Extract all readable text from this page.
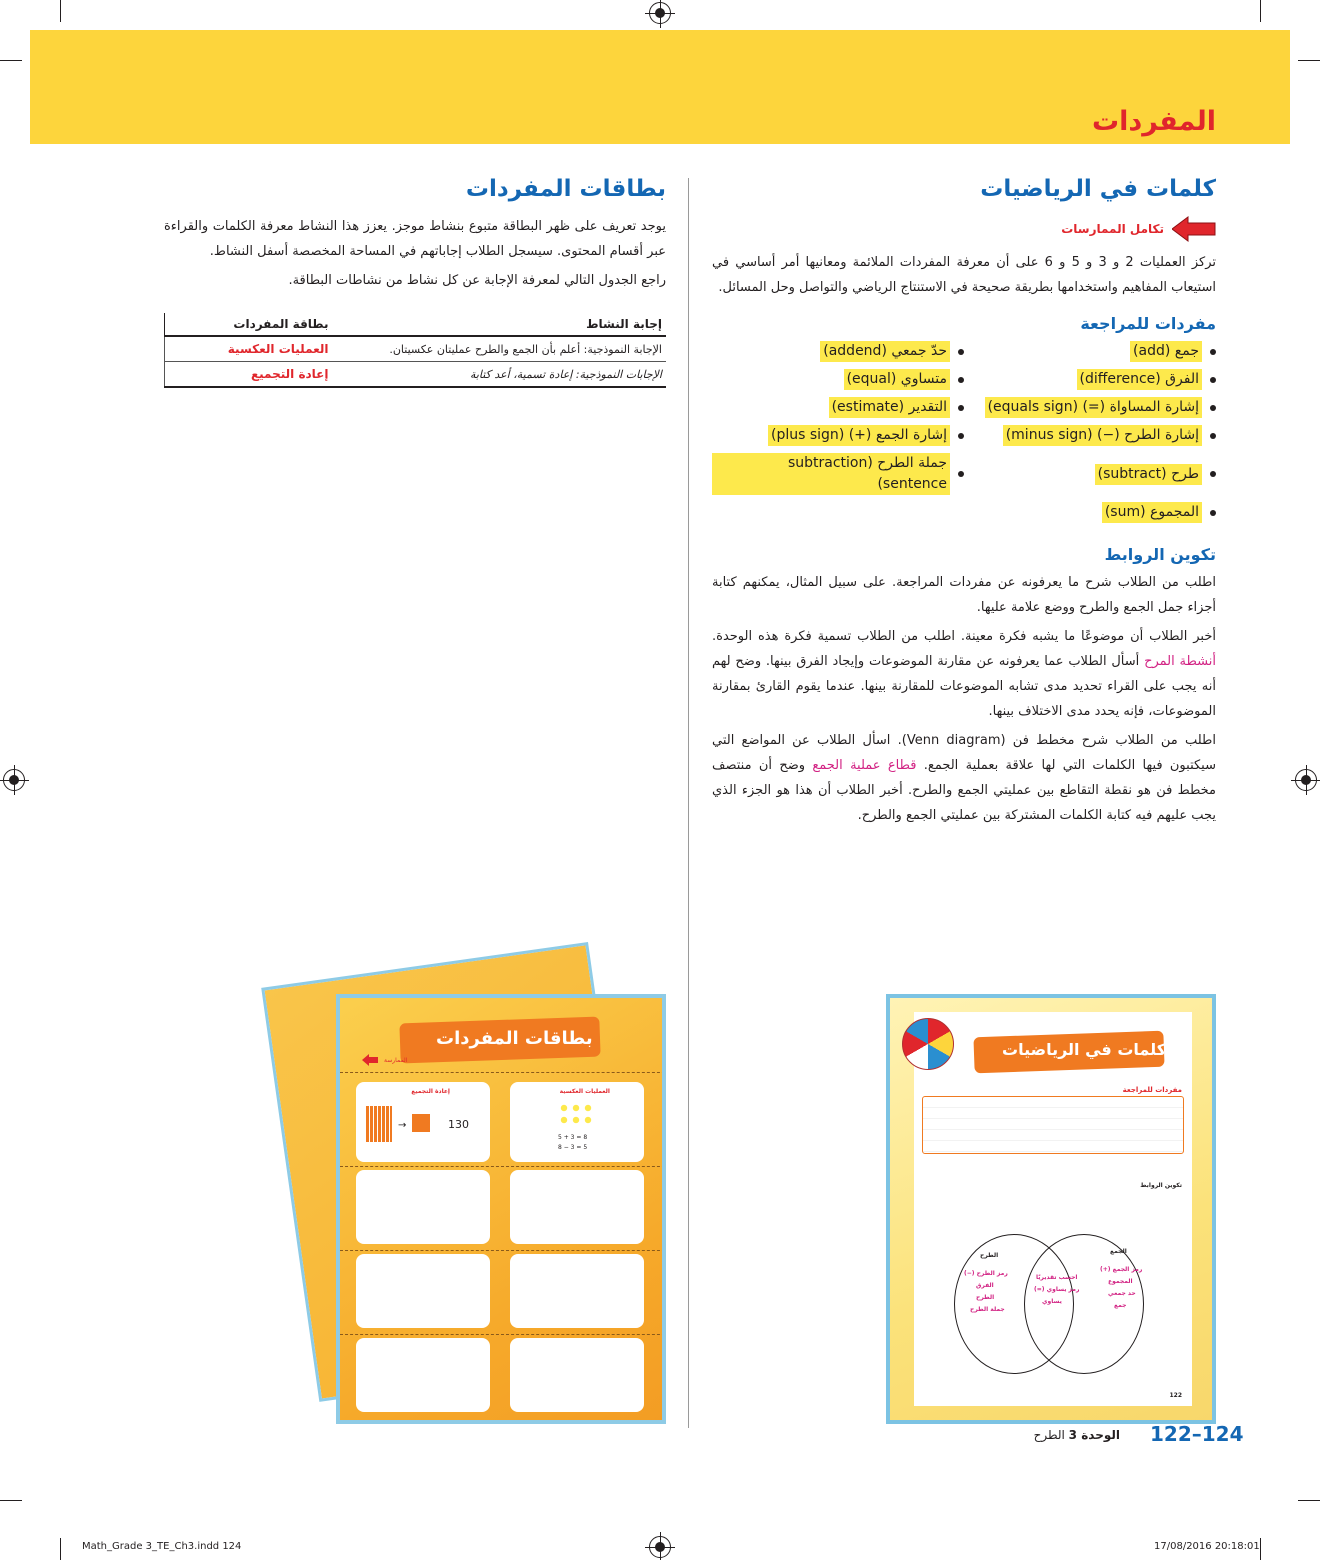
المفردات
كلمات في الرياضيات
تكامل الممارسات

تركز العمليات 2 و 3 و 5 و 6 على أن معرفة المفردات الملائمة ومعانيها أمر أساسي في استيعاب المفاهيم واستخدامها بطريقة صحيحة في الاستنتاج الرياضي والتواصل وحل المسائل.

مفردات للمراجعة
جمع (add)
حدّ جمعي (addend)
الفرق (difference)
متساوي (equal)
إشارة المساواة (=) (equals sign)
التقدير (estimate)
إشارة الطرح (−) (minus sign)
إشارة الجمع (+) (plus sign)
طرح (subtract)
جملة الطرح (subtraction sentence)
المجموع (sum)
تكوين الروابط

اطلب من الطلاب شرح ما يعرفونه عن مفردات المراجعة. على سبيل المثال، يمكنهم كتابة أجزاء جمل الجمع والطرح ووضع علامة عليها.

أخبر الطلاب أن موضوعًا ما يشبه فكرة معينة. اطلب من الطلاب تسمية فكرة هذه الوحدة. أنشطة المرح أسأل الطلاب عما يعرفونه عن مقارنة الموضوعات وإيجاد الفرق بينها. وضح لهم أنه يجب على القراء تحديد مدى تشابه الموضوعات للمقارنة بينها. عندما يقوم القارئ بمقارنة الموضوعات، فإنه يحدد مدى الاختلاف بينها.

اطلب من الطلاب شرح مخطط فن (Venn diagram). اسأل الطلاب عن المواضع التي سيكتبون فيها الكلمات التي لها علاقة بعملية الجمع. قطاع عملية الجمع وضح أن منتصف مخطط فن هو نقطة التقاطع بين عمليتي الجمع والطرح. أخبر الطلاب أن هذا هو الجزء الذي يجب عليهم فيه كتابة الكلمات المشتركة بين عمليتي الجمع والطرح.

بطاقات المفردات

يوجد تعريف على ظهر البطاقة متبوع بنشاط موجز. يعزز هذا النشاط معرفة الكلمات والقراءة عبر أقسام المحتوى. سيسجل الطلاب إجاباتهم في المساحة المخصصة أسفل النشاط.

راجع الجدول التالي لمعرفة الإجابة عن كل نشاط من نشاطات البطاقة.

إجابة النشاط	بطاقة المفردات
الإجابة النموذجية: أعلم بأن الجمع والطرح عمليتان عكسيتان.	العمليات العكسية
الإجابات النموذجية: إعادة تسمية، أعد كتابة	إعادة التجميع
بطاقات المفردات
الممارسة
إعادة التجميع
→	130
العمليات العكسية
5 + 3 = 8
8 − 3 = 5
كلمات في الرياضيات
مفردات للمراجعة
تكوين الروابط
الطرح
رمز الطرح (−)
الفرق
الطرح
جملة الطرح
احسب تقديريًا
رمز يساوي (=)
يساوي
الجمع
رمز الجمع (+)
المجموع
حد جمعي
جمع
122
122–124
الوحدة 3 الطرح
Math_Grade 3_TE_Ch3.indd 124	17/08/2016 20:18:01
